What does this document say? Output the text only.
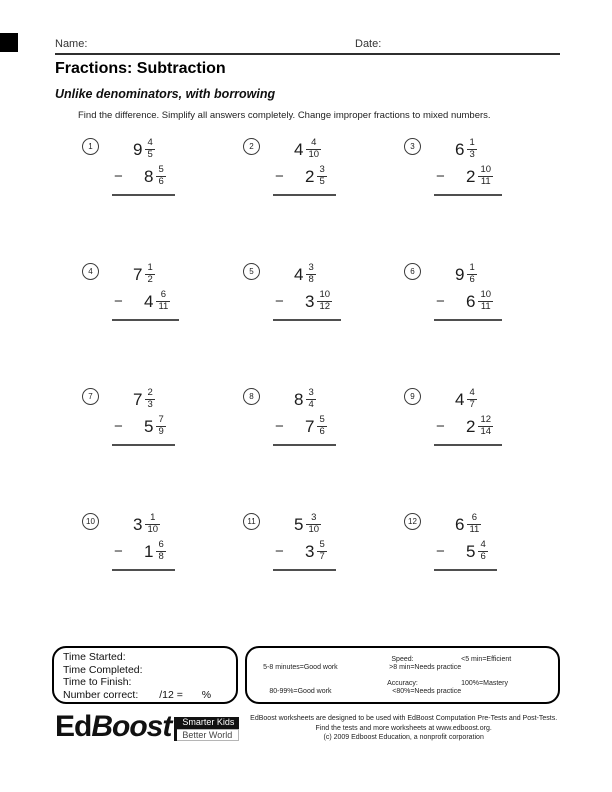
Name:	Date:
Fractions: Subtraction
Unlike denominators, with borrowing
Find the difference. Simplify all answers completely. Change improper fractions to mixed numbers.
1 $9 \frac{4}{5}$
− $8 \frac{5}{6}$
2 $4 \frac{4}{10}$
− $2 \frac{3}{5}$
3 $6 \frac{1}{3}$
− $2 \frac{10}{11}$
4 $7 \frac{1}{2}$
− $4 \frac{6}{11}$
5 $4 \frac{3}{8}$
− $3 \frac{10}{12}$
6 $9 \frac{1}{6}$
− $6 \frac{10}{11}$
7 $7 \frac{2}{3}$
− $5 \frac{7}{9}$
8 $8 \frac{3}{4}$
− $7 \frac{5}{6}$
9 $4 \frac{4}{7}$
− $2 \frac{12}{14}$
10 $3 \frac{1}{10}$
− $1 \frac{6}{8}$
11 $5 \frac{3}{10}$
− $3 \frac{5}{7}$
12 $6 \frac{6}{11}$
− $5 \frac{4}{6}$
Time Started:
Time Completed:
Time to Finish:
Number correct: /12 = %
Speed:	<5 min=Efficient
5-8 minutes=Good work	>8 min=Needs practice
Accuracy:	100%=Mastery
80-99%=Good work	<80%=Needs practice
Ed Boost	Smarter Kids
Better World
EdBoost worksheets are designed to be used with EdBoost Computation Pre-Tests and Post-Tests.
Find the tests and more worksheets at www.edboost.org.
(c) 2009 Edboost Education, a nonprofit corporation
